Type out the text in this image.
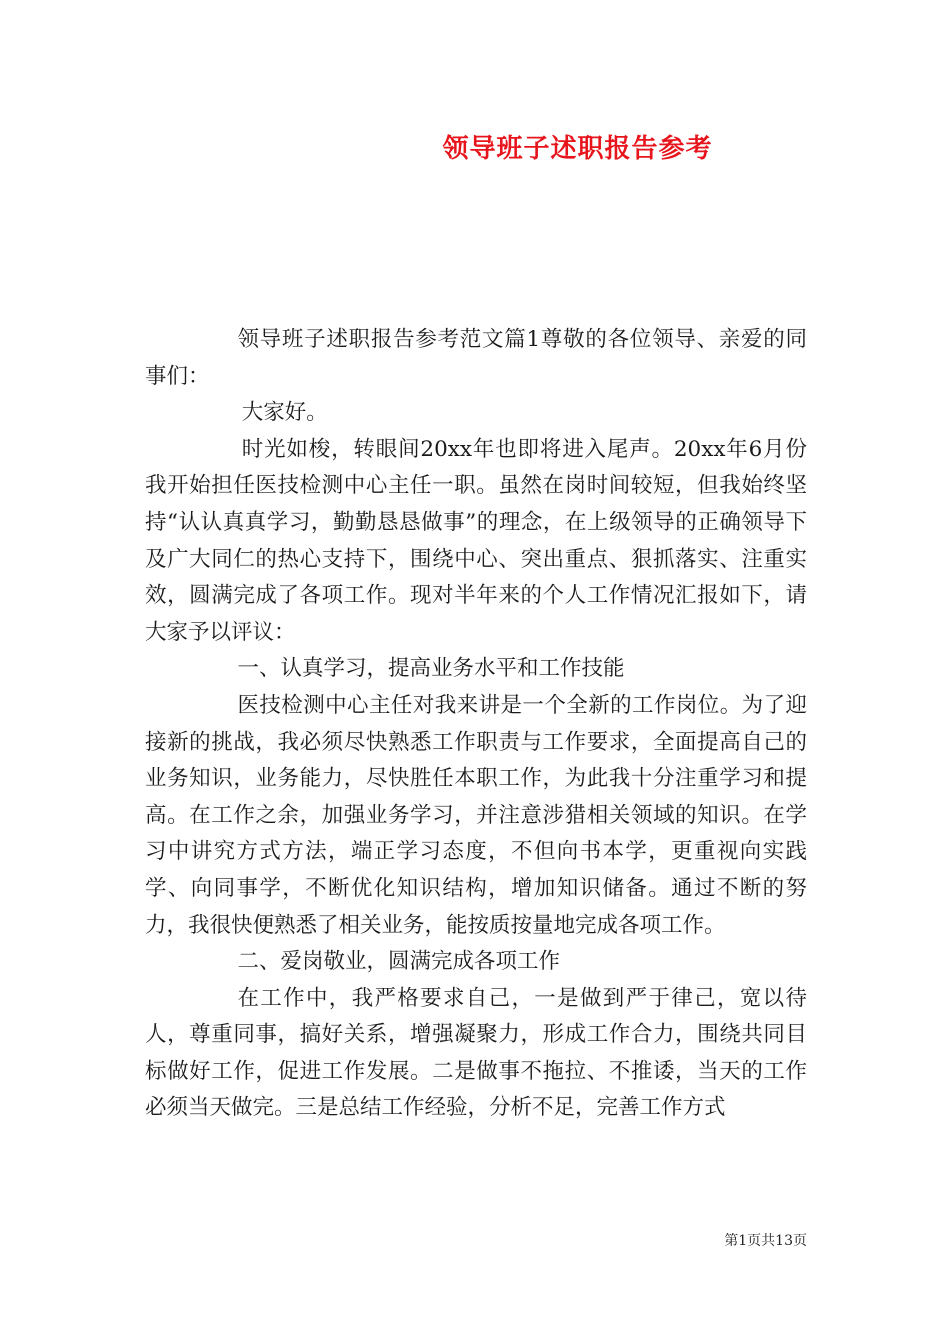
领导班子述职报告参考

领导班子述职报告参考范文篇1尊敬的各位领导、亲爱的同事们：

大家好。

时光如梭，转眼间20xx年也即将进入尾声。20xx年6月份我开始担任医技检测中心主任一职。虽然在岗时间较短，但我始终坚持“认认真真学习，勤勤恳恳做事”的理念，在上级领导的正确领导下及广大同仁的热心支持下，围绕中心、突出重点、狠抓落实、注重实效，圆满完成了各项工作。现对半年来的个人工作情况汇报如下，请大家予以评议：

一、认真学习，提高业务水平和工作技能

医技检测中心主任对我来讲是一个全新的工作岗位。为了迎接新的挑战，我必须尽快熟悉工作职责与工作要求，全面提高自己的业务知识，业务能力，尽快胜任本职工作，为此我十分注重学习和提高。在工作之余，加强业务学习，并注意涉猎相关领域的知识。在学习中讲究方式方法，端正学习态度，不但向书本学，更重视向实践学、向同事学，不断优化知识结构，增加知识储备。通过不断的努力，我很快便熟悉了相关业务，能按质按量地完成各项工作。

二、爱岗敬业，圆满完成各项工作

在工作中，我严格要求自己，一是做到严于律己，宽以待人，尊重同事，搞好关系，增强凝聚力，形成工作合力，围绕共同目标做好工作，促进工作发展。二是做事不拖拉、不推诿，当天的工作必须当天做完。三是总结工作经验，分析不足，完善工作方式

第1页共13页
